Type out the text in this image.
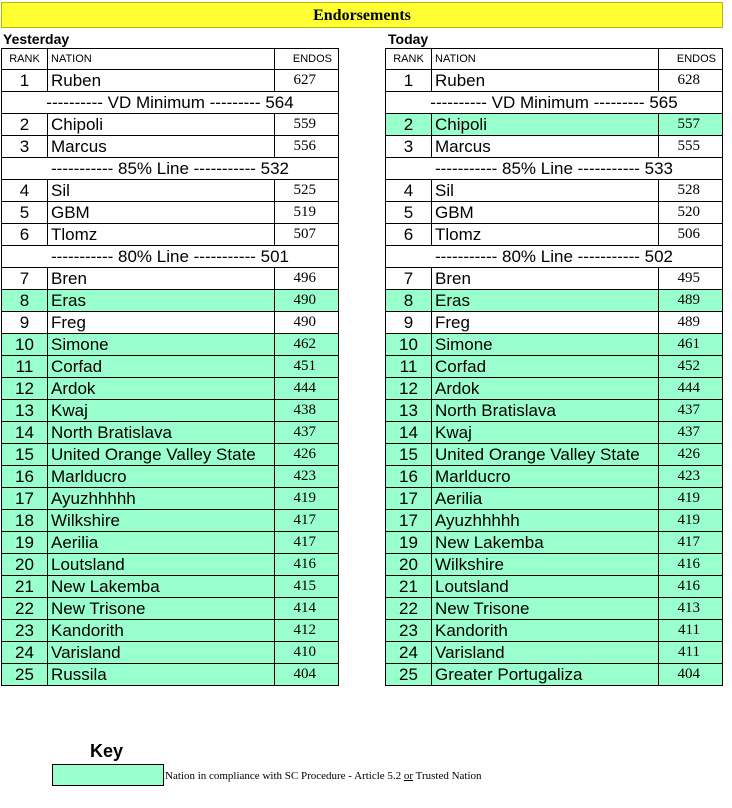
Endorsements
Yesterday	Today
RANK	NATION	ENDOS
1	Ruben	627
---------- VD Minimum --------- 564		
2	Chipoli	559
3	Marcus	556
----------- 85% Line ----------- 532		
4	Sil	525
5	GBM	519
6	Tlomz	507
----------- 80% Line ----------- 501		
7	Bren	496
8	Eras	490
9	Freg	490
10	Simone	462
11	Corfad	451
12	Ardok	444
13	Kwaj	438
14	North Bratislava	437
15	United Orange Valley State	426
16	Marlducro	423
17	Ayuzhhhhh	419
18	Wilkshire	417
19	Aerilia	417
20	Loutsland	416
21	New Lakemba	415
22	New Trisone	414
23	Kandorith	412
24	Varisland	410
25	Russila	404
RANK	NATION	ENDOS
1	Ruben	628
---------- VD Minimum --------- 565		
2	Chipoli	557
3	Marcus	555
----------- 85% Line ----------- 533		
4	Sil	528
5	GBM	520
6	Tlomz	506
----------- 80% Line ----------- 502		
7	Bren	495
8	Eras	489
9	Freg	489
10	Simone	461
11	Corfad	452
12	Ardok	444
13	North Bratislava	437
14	Kwaj	437
15	United Orange Valley State	426
16	Marlducro	423
17	Aerilia	419
17	Ayuzhhhhh	419
19	New Lakemba	417
20	Wilkshire	416
21	Loutsland	416
22	New Trisone	413
23	Kandorith	411
24	Varisland	411
25	Greater Portugaliza	404
Key
Nation in compliance with SC Procedure - Article 5.2 or Trusted Nation
